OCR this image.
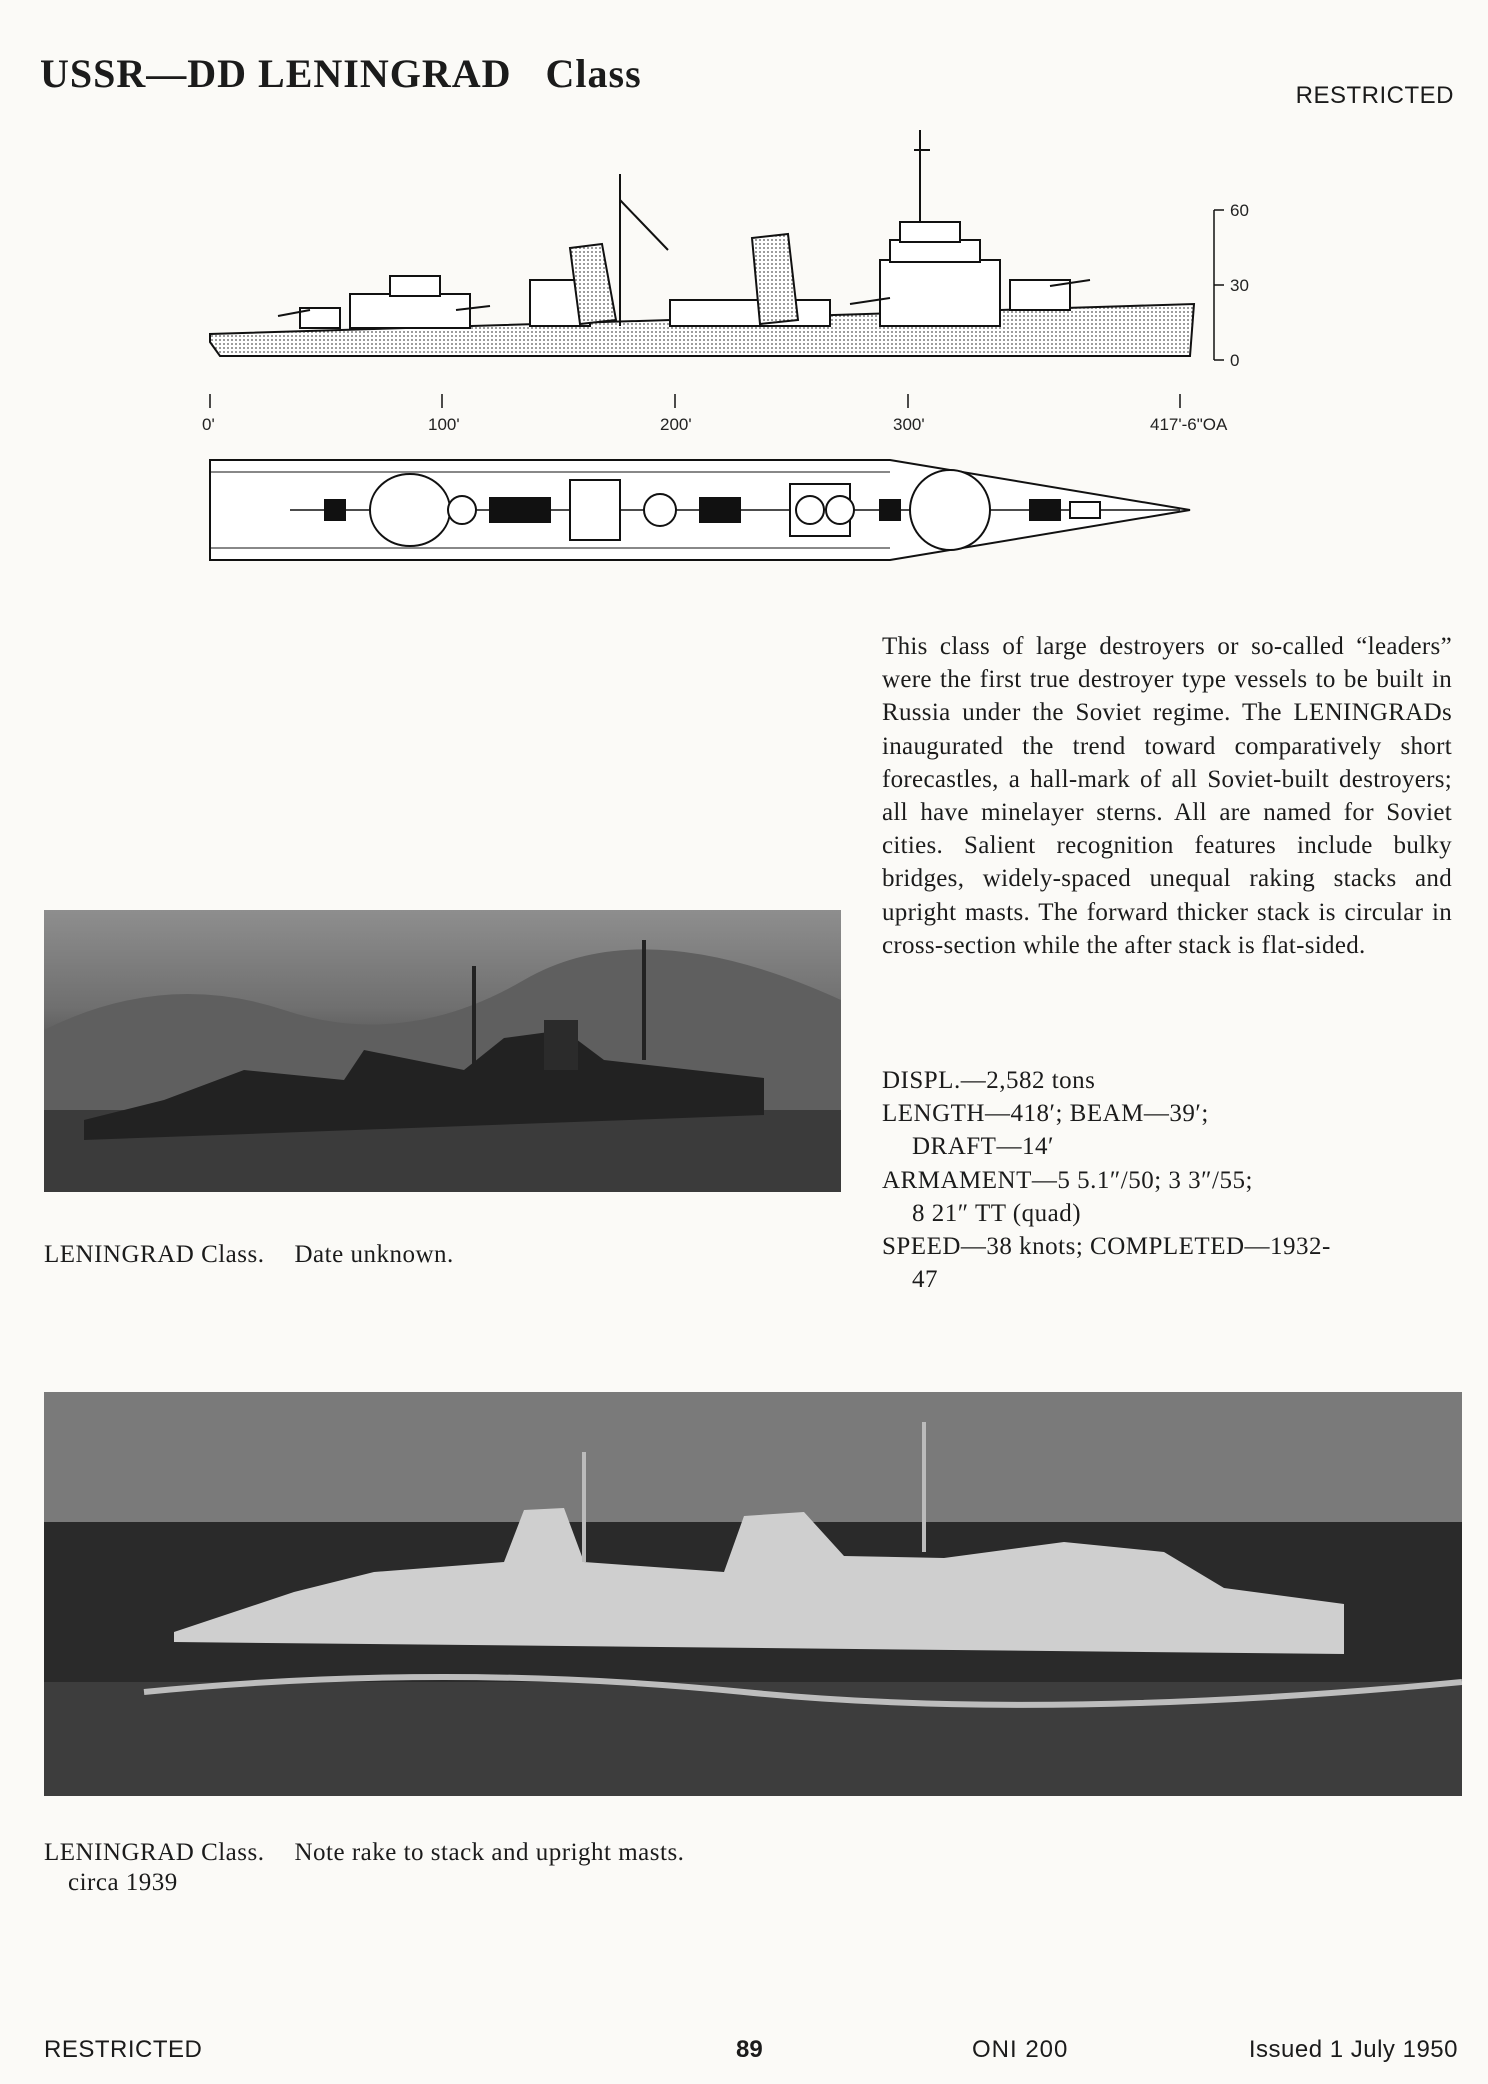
USSR—DD LENINGRAD Class	RESTRICTED
60
30
0
0'	100'	200'	300'	417'-6"OA
This class of large destroyers or so-called “leaders” were the first true destroyer type vessels to be built in Russia under the Soviet regime. The LENINGRADs inaugurated the trend toward comparatively short forecastles, a hall-mark of all Soviet-built destroyers; all have minelayer sterns. All are named for Soviet cities. Salient recognition features include bulky bridges, widely-spaced unequal raking stacks and upright masts. The forward thicker stack is circular in cross-section while the after stack is flat-sided.
DISPL.—2,582 tons
LENGTH—418′; BEAM—39′;
DRAFT—14′
ARMAMENT—5 5.1″/50; 3 3″/55;
8 21″ TT (quad)
SPEED—38 knots; COMPLETED—1932-
47
LENINGRAD Class. Date unknown.
LENINGRAD Class. Note rake to stack and upright masts.
circa 1939
RESTRICTED	89	ONI 200	Issued 1 July 1950
